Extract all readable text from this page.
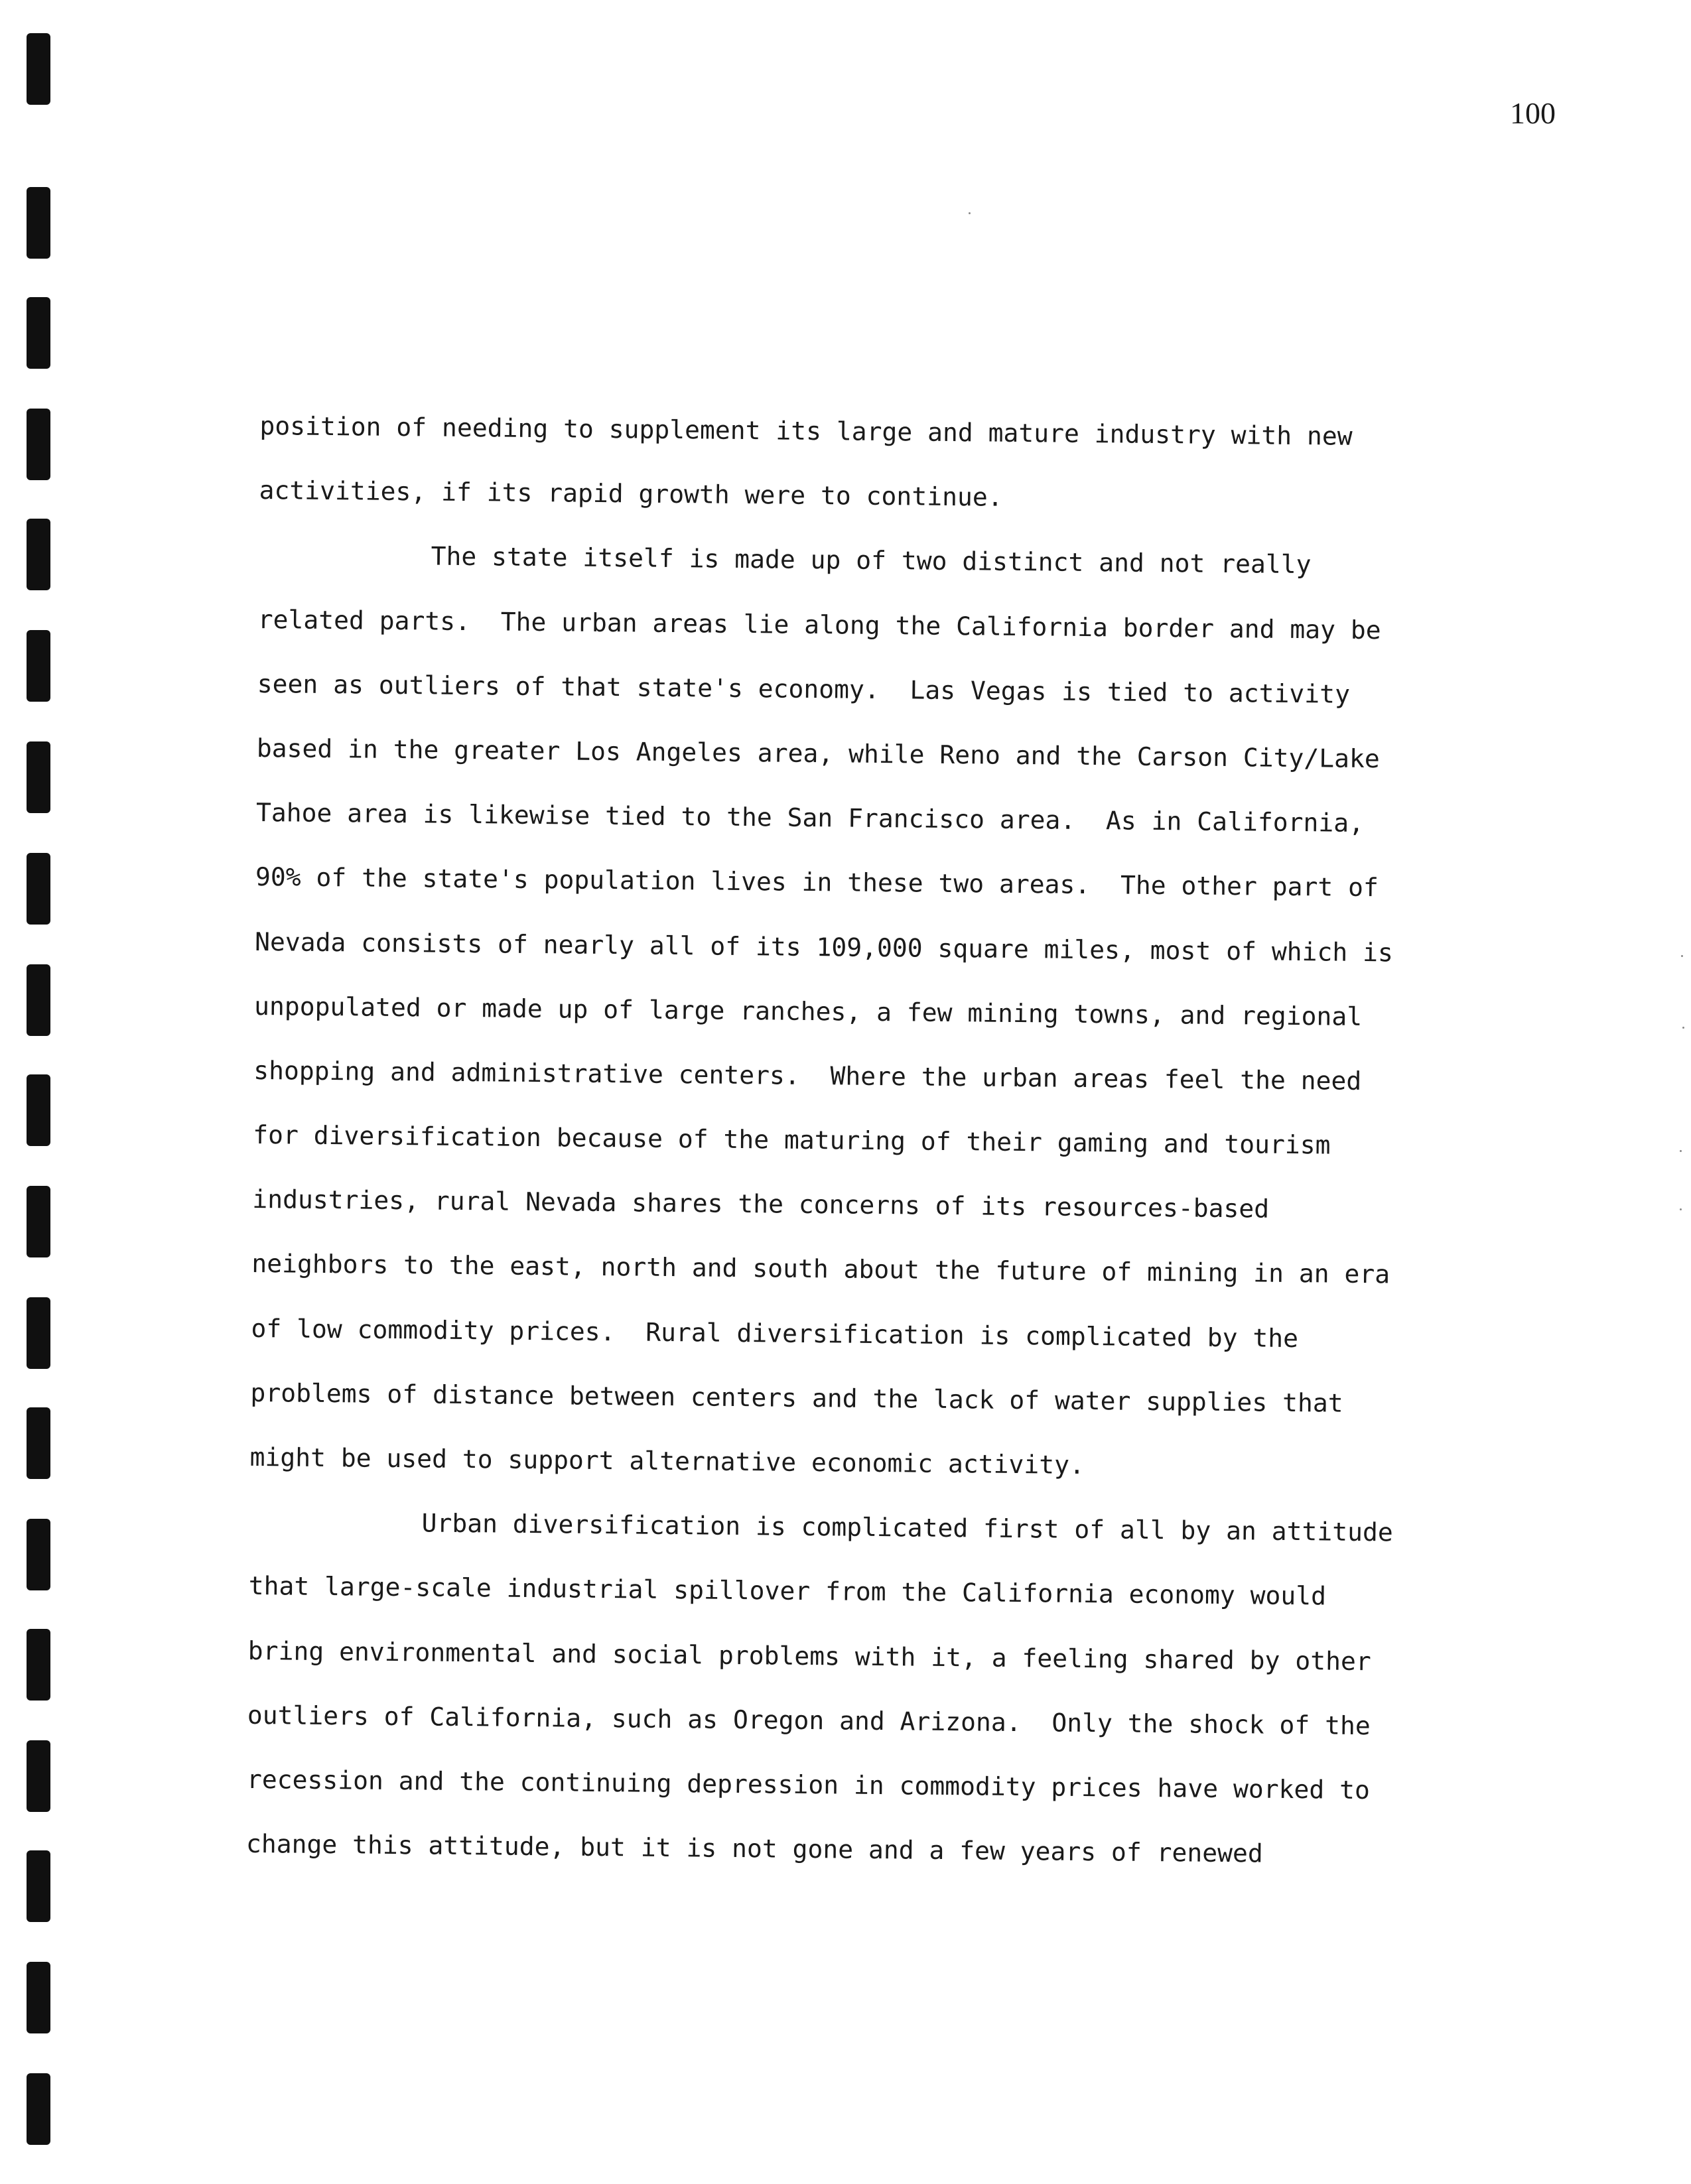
100
position of needing to supplement its large and mature industry with new
activities, if its rapid growth were to continue.
The state itself is made up of two distinct and not really
related parts.  The urban areas lie along the California border and may be
seen as outliers of that state's economy.  Las Vegas is tied to activity
based in the greater Los Angeles area, while Reno and the Carson City/Lake
Tahoe area is likewise tied to the San Francisco area.  As in California,
90% of the state's population lives in these two areas.  The other part of
Nevada consists of nearly all of its 109,000 square miles, most of which is
unpopulated or made up of large ranches, a few mining towns, and regional
shopping and administrative centers.  Where the urban areas feel the need
for diversification because of the maturing of their gaming and tourism
industries, rural Nevada shares the concerns of its resources-based
neighbors to the east, north and south about the future of mining in an era
of low commodity prices.  Rural diversification is complicated by the
problems of distance between centers and the lack of water supplies that
might be used to support alternative economic activity.
Urban diversification is complicated first of all by an attitude
that large-scale industrial spillover from the California economy would
bring environmental and social problems with it, a feeling shared by other
outliers of California, such as Oregon and Arizona.  Only the shock of the
recession and the continuing depression in commodity prices have worked to
change this attitude, but it is not gone and a few years of renewed
